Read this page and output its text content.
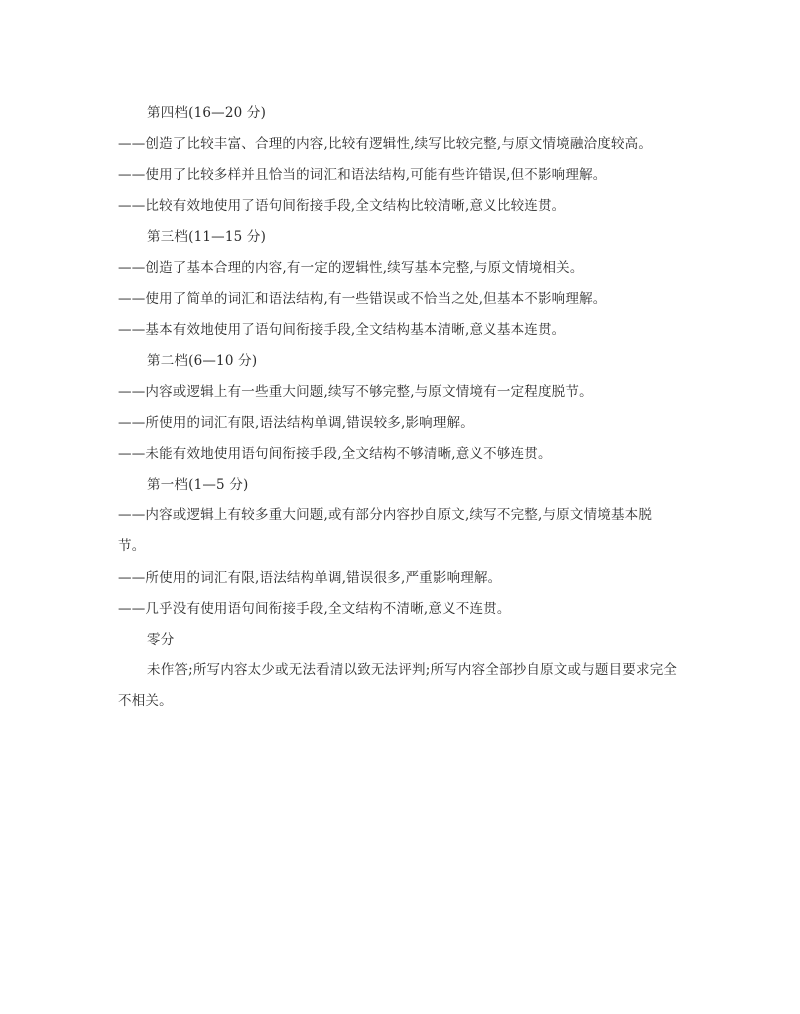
第四档(16—20 分)
——创造了比较丰富、合理的内容,比较有逻辑性,续写比较完整,与原文情境融洽度较高。
——使用了比较多样并且恰当的词汇和语法结构,可能有些许错误,但不影响理解。
——比较有效地使用了语句间衔接手段,全文结构比较清晰,意义比较连贯。
第三档(11—15 分)
——创造了基本合理的内容,有一定的逻辑性,续写基本完整,与原文情境相关。
——使用了简单的词汇和语法结构,有一些错误或不恰当之处,但基本不影响理解。
——基本有效地使用了语句间衔接手段,全文结构基本清晰,意义基本连贯。
第二档(6—10 分)
——内容或逻辑上有一些重大问题,续写不够完整,与原文情境有一定程度脱节。
——所使用的词汇有限,语法结构单调,错误较多,影响理解。
——未能有效地使用语句间衔接手段,全文结构不够清晰,意义不够连贯。
第一档(1—5 分)
——内容或逻辑上有较多重大问题,或有部分内容抄自原文,续写不完整,与原文情境基本脱节。
——所使用的词汇有限,语法结构单调,错误很多,严重影响理解。
——几乎没有使用语句间衔接手段,全文结构不清晰,意义不连贯。
零分
未作答;所写内容太少或无法看清以致无法评判;所写内容全部抄自原文或与题目要求完全不相关。
